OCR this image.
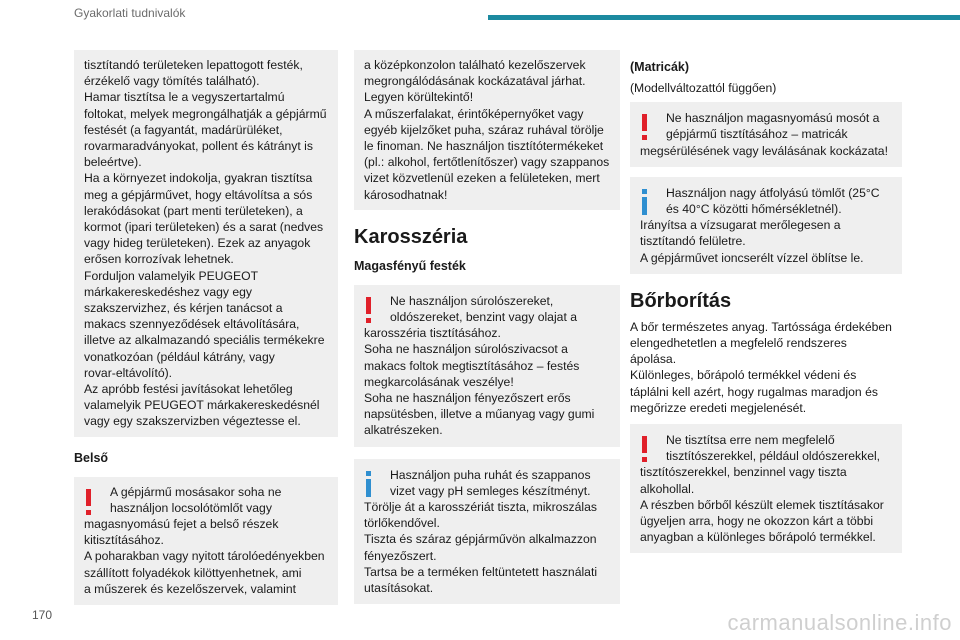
Gyakorlati tudnivalók
tisztítandó területeken lepattogott festék,
érzékelő vagy tömítés található).
Hamar tisztítsa le a vegyszertartalmú
foltokat, melyek megrongálhatják a gépjármű
festését (a fagyantát, madárürüléket,
rovarmaradványokat, pollent és kátrányt is
beleértve).
Ha a környezet indokolja, gyakran tisztítsa
meg a gépjárművet, hogy eltávolítsa a sós
lerakódásokat (part menti területeken), a
kormot (ipari területeken) és a sarat (nedves
vagy hideg területeken). Ezek az anyagok
erősen korrozívak lehetnek.
Forduljon valamelyik PEUGEOT
márkakereskedéshez vagy egy
szakszervizhez, és kérjen tanácsot a
makacs szennyeződések eltávolítására,
illetve az alkalmazandó speciális termékekre
vonatkozóan (például kátrány, vagy
rovar-eltávolító).
Az apróbb festési javításokat lehetőleg
valamelyik PEUGEOT márkakereskedésnél
vagy egy szakszervizben végeztesse el.

Belső

A gépjármű mosásakor soha ne
használjon locsolótömlőt vagy
magasnyomású fejet a belső részek
kitisztításához.
A poharakban vagy nyitott tárolóedényekben
szállított folyadékok kilöttyenhetnek, ami
a műszerek és kezelőszervek, valamint
a középkonzolon található kezelőszervek
megrongálódásának kockázatával járhat.
Legyen körültekintő!
A műszerfalakat, érintőképernyőket vagy
egyéb kijelzőket puha, száraz ruhával törölje
le finoman. Ne használjon tisztítótermékeket
(pl.: alkohol, fertőtlenítőszer) vagy szappanos
vizet közvetlenül ezeken a felületeken, mert
károsodhatnak!

Karosszéria

Magasfényű festék

Ne használjon súrolószereket,
oldószereket, benzint vagy olajat a
karosszéria tisztításához.
Soha ne használjon súrolószivacsot a
makacs foltok megtisztításához – festés
megkarcolásának veszélye!
Soha ne használjon fényezőszert erős
napsütésben, illetve a műanyag vagy gumi
alkatrészeken.
Használjon puha ruhát és szappanos
vizet vagy pH semleges készítményt.
Törölje át a karosszériát tiszta, mikroszálas
törlőkendővel.
Tiszta és száraz gépjárművön alkalmazzon
fényezőszert.
Tartsa be a terméken feltüntetett használati
utasításokat.

(Matricák)

(Modellváltozattól függően)

Ne használjon magasnyomású mosót a
gépjármű tisztításához – matricák
megsérülésének vagy leválásának kockázata!
Használjon nagy átfolyású tömlőt (25°C
és 40°C közötti hőmérsékletnél).
Irányítsa a vízsugarat merőlegesen a
tisztítandó felületre.
A gépjárművet ioncserélt vízzel öblítse le.

Bőrborítás

A bőr természetes anyag. Tartóssága érdekében
elengedhetetlen a megfelelő rendszeres
ápolása.
Különleges, bőrápoló termékkel védeni és
táplálni kell azért, hogy rugalmas maradjon és
megőrizze eredeti megjelenését.
Ne tisztítsa erre nem megfelelő
tisztítószerekkel, például oldószerekkel,
tisztítószerekkel, benzinnel vagy tiszta
alkohollal.
A részben bőrből készült elemek tisztításakor
ügyeljen arra, hogy ne okozzon kárt a többi
anyagban a különleges bőrápoló termékkel.
170	carmanualsonline.info
